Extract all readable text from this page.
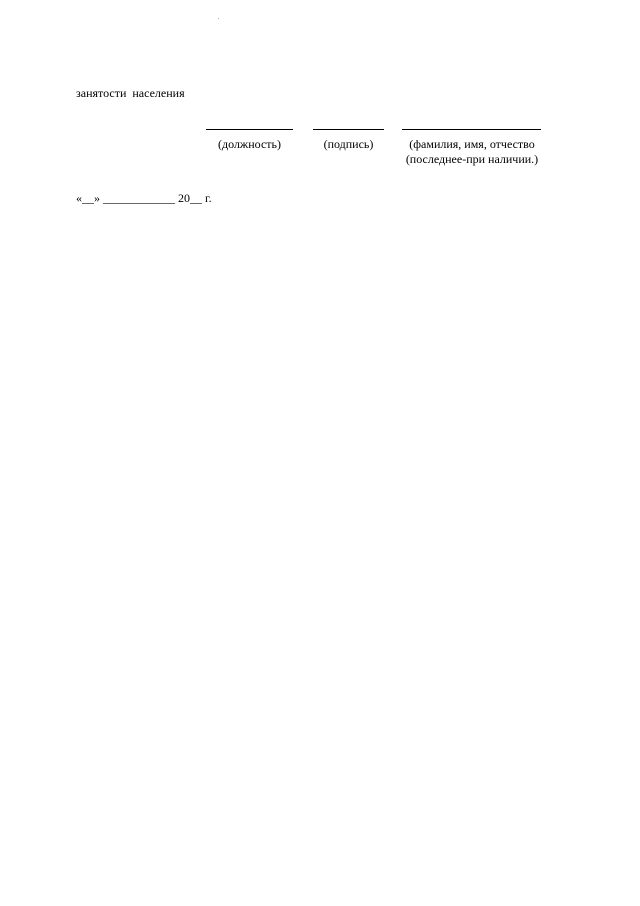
занятости населения
(должность)	(подпись)	(фамилия, имя, отчество (последнее-при наличии.)
«__» ____________ 20__ г.
